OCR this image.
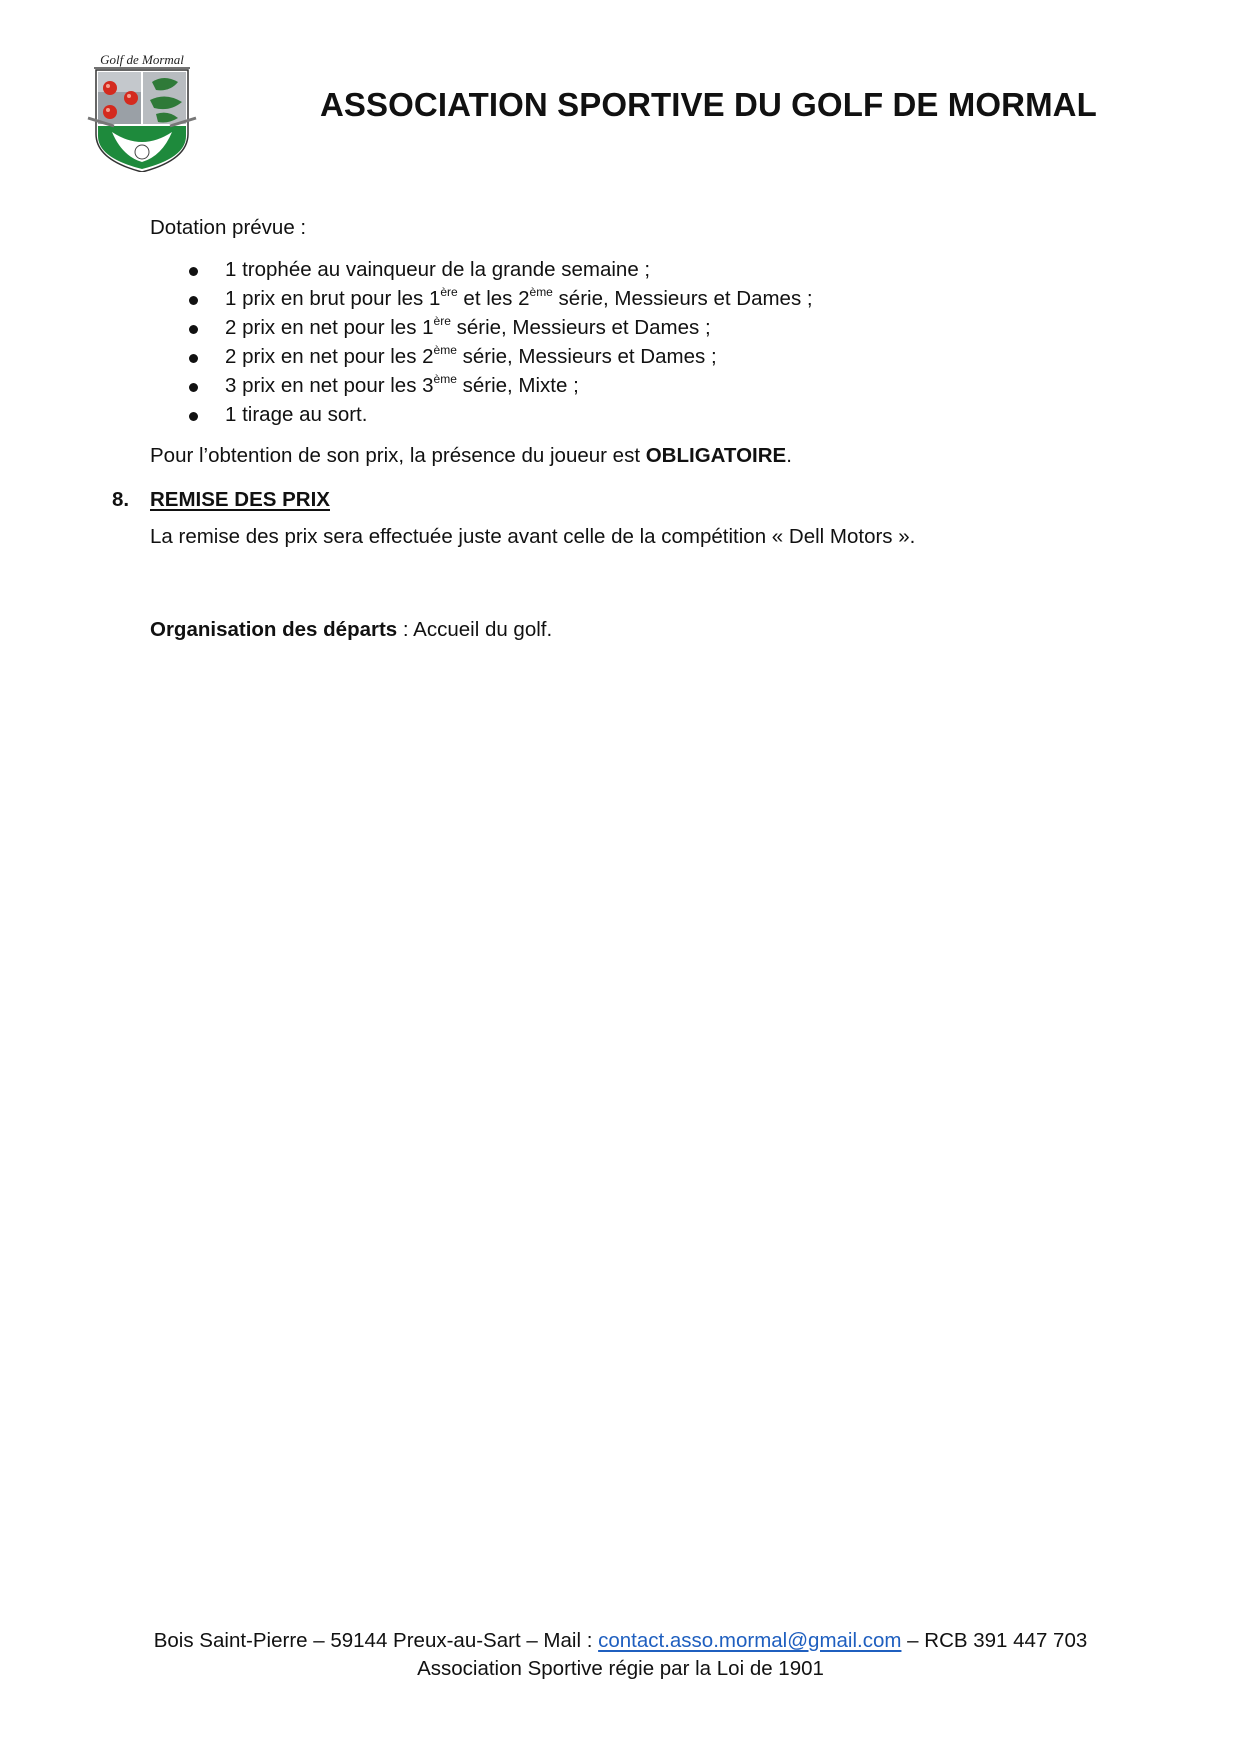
Golf de Mormal
ASSOCIATION SPORTIVE DU GOLF DE MORMAL
Dotation prévue :
1 trophée au vainqueur de la grande semaine ;
1 prix en brut pour les 1ère et les 2ème série, Messieurs et Dames ;
2 prix en net pour les 1ère série, Messieurs et Dames ;
2 prix en net pour les 2ème série, Messieurs et Dames ;
3 prix en net pour les 3ème série, Mixte ;
1 tirage au sort.
Pour l’obtention de son prix, la présence du joueur est OBLIGATOIRE.
8. REMISE DES PRIX
La remise des prix sera effectuée juste avant celle de la compétition « Dell Motors ».
Organisation des départs : Accueil du golf.
Bois Saint-Pierre – 59144 Preux-au-Sart – Mail : contact.asso.mormal@gmail.com – RCB 391 447 703
Association Sportive régie par la Loi de 1901
